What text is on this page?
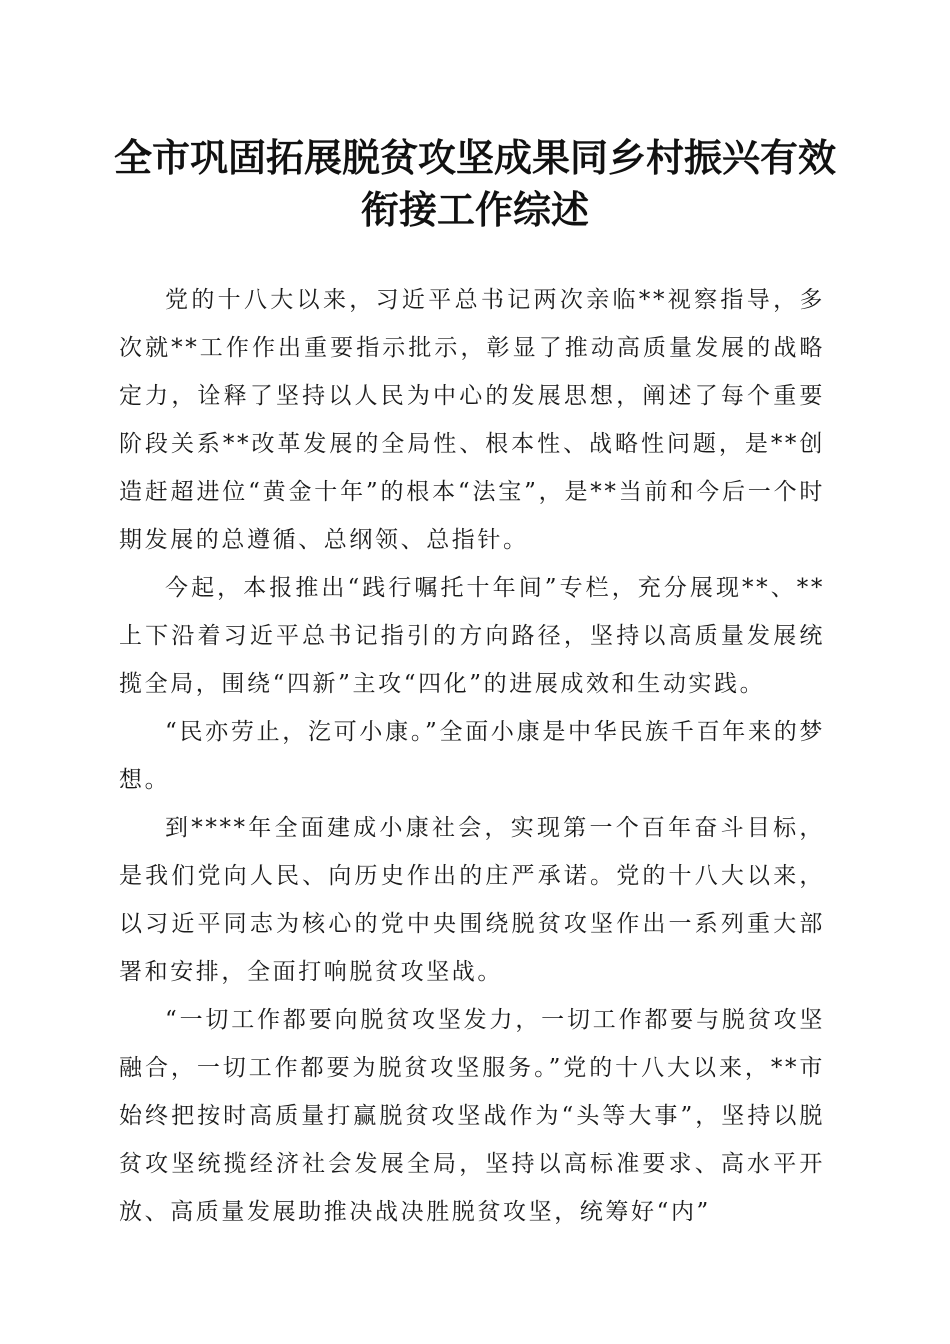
全市巩固拓展脱贫攻坚成果同乡村振兴有效衔接工作综述

党的十八大以来，习近平总书记两次亲临**视察指导，多次就**工作作出重要指示批示，彰显了推动高质量发展的战略定力，诠释了坚持以人民为中心的发展思想，阐述了每个重要阶段关系**改革发展的全局性、根本性、战略性问题，是**创造赶超进位“黄金十年”的根本“法宝”，是**当前和今后一个时期发展的总遵循、总纲领、总指针。

今起，本报推出“践行嘱托十年间”专栏，充分展现**、**上下沿着习近平总书记指引的方向路径，坚持以高质量发展统揽全局，围绕“四新”主攻“四化”的进展成效和生动实践。

“民亦劳止，汔可小康。”全面小康是中华民族千百年来的梦想。

到****年全面建成小康社会，实现第一个百年奋斗目标，是我们党向人民、向历史作出的庄严承诺。党的十八大以来，以习近平同志为核心的党中央围绕脱贫攻坚作出一系列重大部署和安排，全面打响脱贫攻坚战。

“一切工作都要向脱贫攻坚发力，一切工作都要与脱贫攻坚融合，一切工作都要为脱贫攻坚服务。”党的十八大以来，**市始终把按时高质量打赢脱贫攻坚战作为“头等大事”，坚持以脱贫攻坚统揽经济社会发展全局，坚持以高标准要求、高水平开放、高质量发展助推决战决胜脱贫攻坚，统筹好“内”
